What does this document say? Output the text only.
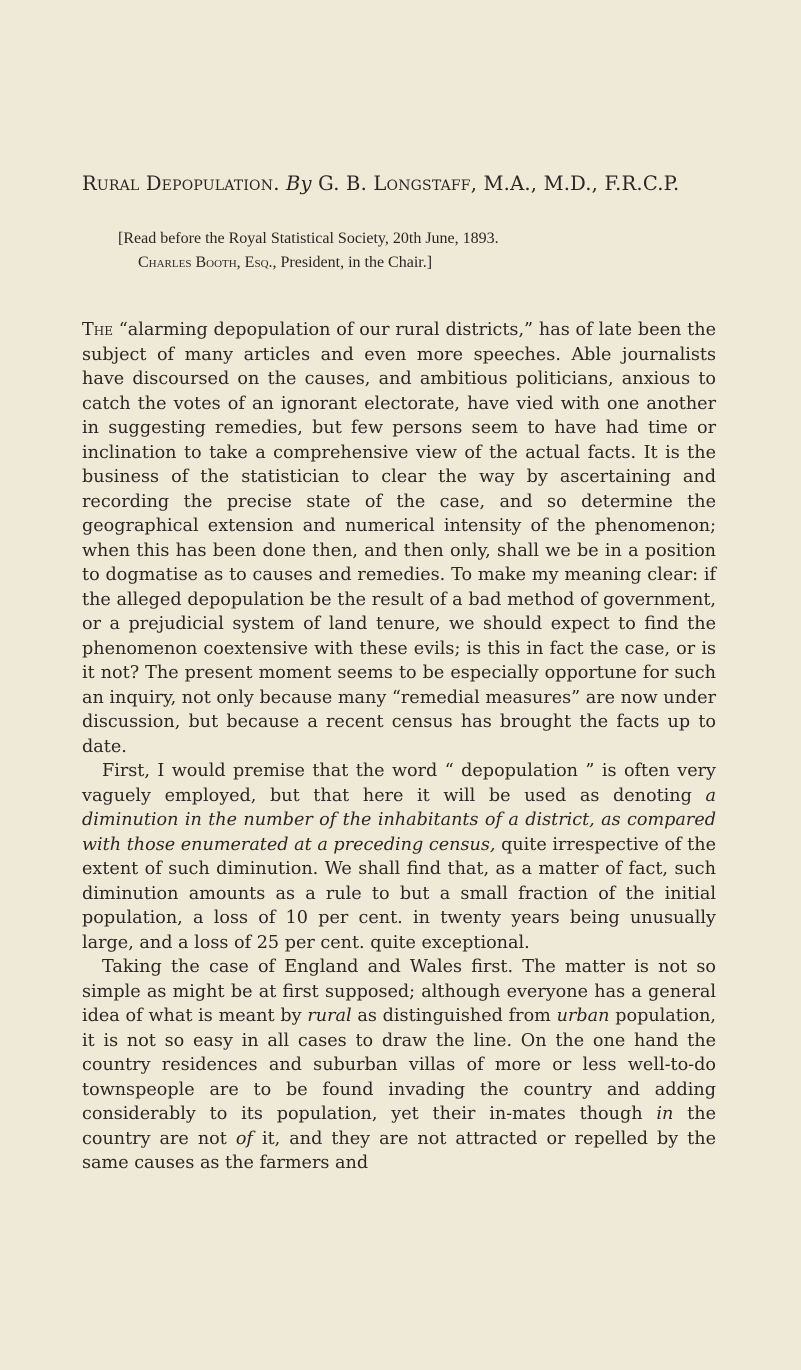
Rural Depopulation. By G. B. Longstaff, M.A., M.D., F.R.C.P.
[Read before the Royal Statistical Society, 20th June, 1893.
Charles Booth, Esq., President, in the Chair.]

The “alarming depopulation of our rural districts,” has of late been the subject of many articles and even more speeches. Able journalists have discoursed on the causes, and ambitious politicians, anxious to catch the votes of an ignorant electorate, have vied with one another in suggesting remedies, but few persons seem to have had time or inclination to take a comprehensive view of the actual facts. It is the business of the statistician to clear the way by ascertaining and recording the precise state of the case, and so determine the geographical extension and numerical intensity of the phenomenon; when this has been done then, and then only, shall we be in a position to dogmatise as to causes and remedies. To make my meaning clear: if the alleged depopulation be the result of a bad method of government, or a prejudicial system of land tenure, we should expect to find the phenomenon coextensive with these evils; is this in fact the case, or is it not? The present moment seems to be especially opportune for such an inquiry, not only because many “remedial measures” are now under discussion, but because a recent census has brought the facts up to date.

First, I would premise that the word “ depopulation ” is often very vaguely employed, but that here it will be used as denoting a diminution in the number of the inhabitants of a district, as compared with those enumerated at a preceding census, quite irrespective of the extent of such diminution. We shall find that, as a matter of fact, such diminution amounts as a rule to but a small fraction of the initial population, a loss of 10 per cent. in twenty years being unusually large, and a loss of 25 per cent. quite exceptional.

Taking the case of England and Wales first. The matter is not so simple as might be at first supposed; although everyone has a general idea of what is meant by rural as distinguished from urban population, it is not so easy in all cases to draw the line. On the one hand the country residences and suburban villas of more or less well-to-do townspeople are to be found invading the country and adding considerably to its population, yet their in-mates though in the country are not of it, and they are not attracted or repelled by the same causes as the farmers and
